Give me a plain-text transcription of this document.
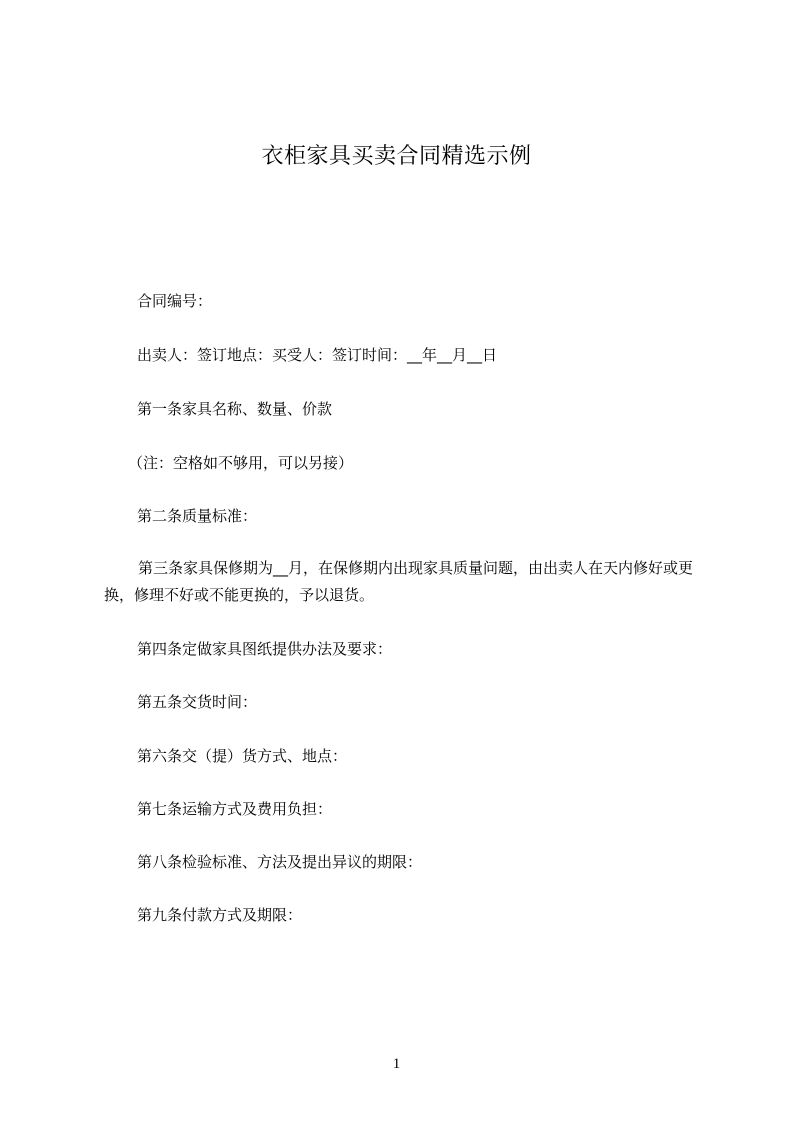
衣柜家具买卖合同精选示例
合同编号：
出卖人：签订地点：买受人：签订时间：__年__月__日
第一条家具名称、数量、价款
（注：空格如不够用，可以另接）
第二条质量标准：
第三条家具保修期为__月，在保修期内出现家具质量问题，由出卖人在天内修好或更换，修理不好或不能更换的，予以退货。
第四条定做家具图纸提供办法及要求：
第五条交货时间：
第六条交（提）货方式、地点：
第七条运输方式及费用负担：
第八条检验标准、方法及提出异议的期限：
第九条付款方式及期限：
1
